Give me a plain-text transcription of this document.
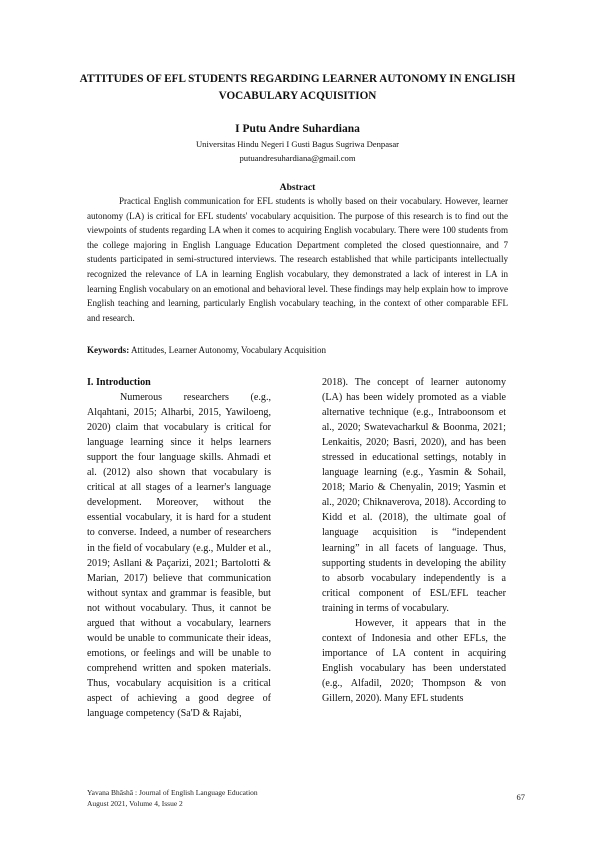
ATTITUDES OF EFL STUDENTS REGARDING LEARNER AUTONOMY IN ENGLISH VOCABULARY ACQUISITION
I Putu Andre Suhardiana
Universitas Hindu Negeri I Gusti Bagus Sugriwa Denpasar
putuandresuhardiana@gmail.com
Abstract

Practical English communication for EFL students is wholly based on their vocabulary. However, learner autonomy (LA) is critical for EFL students' vocabulary acquisition. The purpose of this research is to find out the viewpoints of students regarding LA when it comes to acquiring English vocabulary. There were 100 students from the college majoring in English Language Education Department completed the closed questionnaire, and 7 students participated in semi-structured interviews. The research established that while participants intellectually recognized the relevance of LA in learning English vocabulary, they demonstrated a lack of interest in LA in learning English vocabulary on an emotional and behavioral level. These findings may help explain how to improve English teaching and learning, particularly English vocabulary teaching, in the context of other comparable EFL and research.

Keywords: Attitudes, Learner Autonomy, Vocabulary Acquisition

I. Introduction

Numerous researchers (e.g., Alqahtani, 2015; Alharbi, 2015, Yawiloeng, 2020) claim that vocabulary is critical for language learning since it helps learners support the four language skills. Ahmadi et al. (2012) also shown that vocabulary is critical at all stages of a learner's language development. Moreover, without the essential vocabulary, it is hard for a student to converse. Indeed, a number of researchers in the field of vocabulary (e.g., Mulder et al., 2019; Asllani & Paçarizi, 2021; Bartolotti & Marian, 2017) believe that communication without syntax and grammar is feasible, but not without vocabulary. Thus, it cannot be argued that without a vocabulary, learners would be unable to communicate their ideas, emotions, or feelings and will be unable to comprehend written and spoken materials. Thus, vocabulary acquisition is a critical aspect of achieving a good degree of language competency (Sa'D & Rajabi,

2018). The concept of learner autonomy (LA) has been widely promoted as a viable alternative technique (e.g., Intraboonsom et al., 2020; Swatevacharkul & Boonma, 2021; Lenkaitis, 2020; Basri, 2020), and has been stressed in educational settings, notably in language learning (e.g., Yasmin & Sohail, 2018; Mario & Chenyalin, 2019; Yasmin et al., 2020; Chiknaverova, 2018). According to Kidd et al. (2018), the ultimate goal of language acquisition is “independent learning” in all facets of language. Thus, supporting students in developing the ability to absorb vocabulary independently is a critical component of ESL/EFL teacher training in terms of vocabulary.

However, it appears that in the context of Indonesia and other EFLs, the importance of LA content in acquiring English vocabulary has been understated (e.g., Alfadil, 2020; Thompson & von Gillern, 2020). Many EFL students

Yavana Bhāshā : Journal of English Language Education
August 2021, Volume 4, Issue 2
67
